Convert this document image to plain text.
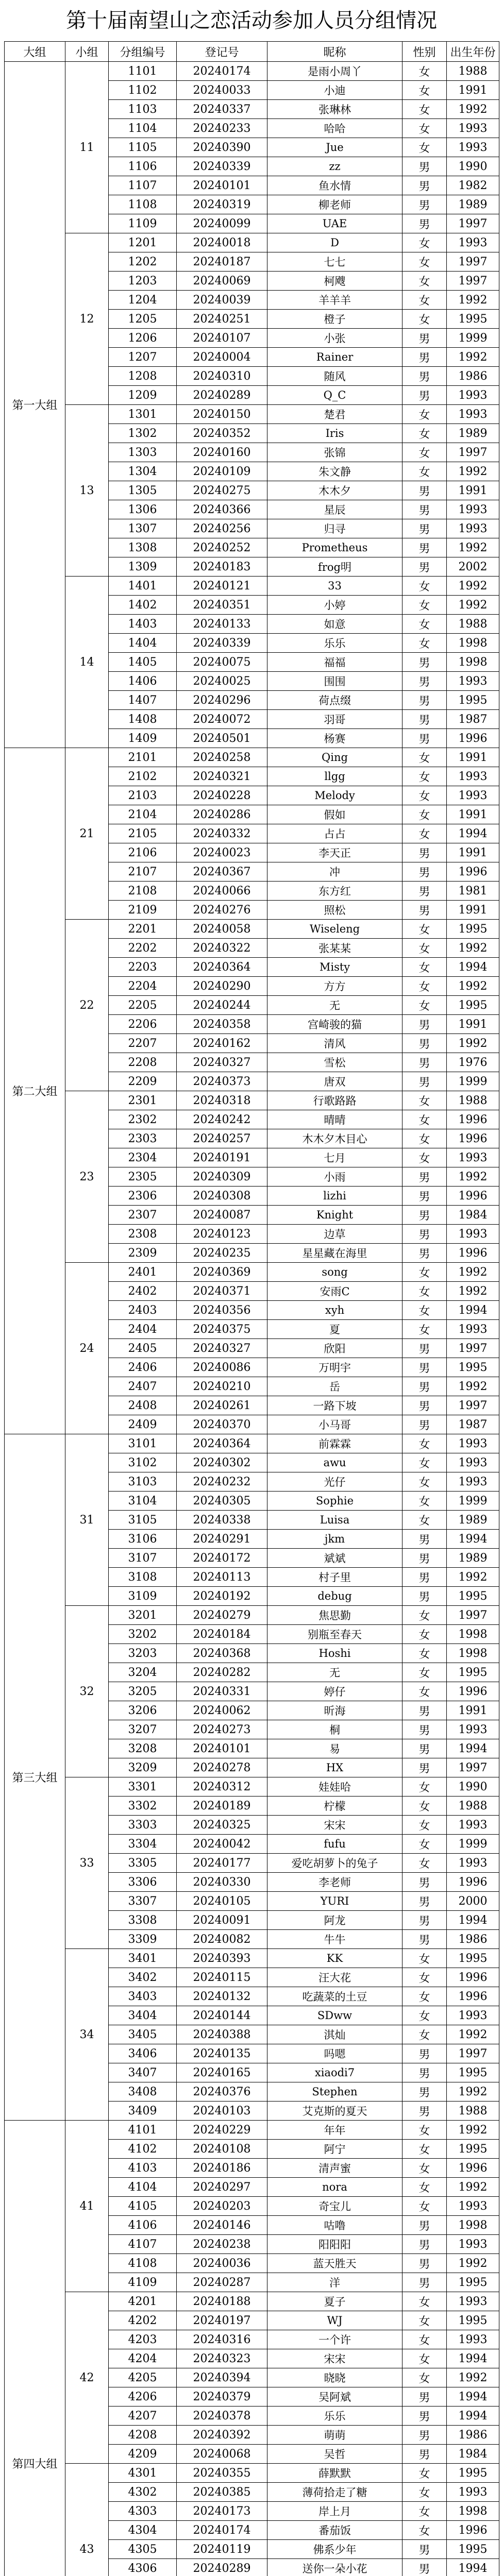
第十届南望山之恋活动参加人员分组情况
大组	小组	分组编号	登记号	昵称	性别	出生年份
第一大组	11	1101	20240174	是雨小周丫	女	1988
		1102	20240033	小迪	女	1991
		1103	20240337	张琳林	女	1992
		1104	20240233	哈哈	女	1993
		1105	20240390	Jue	女	1993
		1106	20240339	zz	男	1990
		1107	20240101	鱼水情	男	1982
		1108	20240319	柳老师	男	1989
		1109	20240099	UAE	男	1997
	12	1201	20240018	D	女	1993
		1202	20240187	七七	女	1997
		1203	20240069	柯飕	女	1997
		1204	20240039	羊羊羊	女	1992
		1205	20240251	橙子	女	1995
		1206	20240107	小张	男	1999
		1207	20240004	Rainer	男	1992
		1208	20240310	随风	男	1986
		1209	20240289	Q_C	男	1993
	13	1301	20240150	楚君	女	1993
		1302	20240352	Iris	女	1989
		1303	20240160	张锦	女	1997
		1304	20240109	朱文静	女	1992
		1305	20240275	木木夕	男	1991
		1306	20240366	星辰	男	1993
		1307	20240256	归寻	男	1993
		1308	20240252	Prometheus	男	1992
		1309	20240183	frog明	男	2002
	14	1401	20240121	33	女	1992
		1402	20240351	小婷	女	1992
		1403	20240133	如意	女	1988
		1404	20240339	乐乐	女	1998
		1405	20240075	福福	男	1998
		1406	20240025	围围	男	1993
		1407	20240296	荷点缀	男	1995
		1408	20240072	羽哥	男	1987
		1409	20240501	杨赛	男	1996
第二大组	21	2101	20240258	Qing	女	1991
		2102	20240321	llgg	女	1993
		2103	20240228	Melody	女	1993
		2104	20240286	假如	女	1991
		2105	20240332	占占	女	1994
		2106	20240023	李天正	男	1991
		2107	20240367	冲	男	1996
		2108	20240066	东方红	男	1981
		2109	20240276	照松	男	1991
	22	2201	20240058	Wiseleng	女	1995
		2202	20240322	张某某	女	1992
		2203	20240364	Misty	女	1994
		2204	20240290	方方	女	1992
		2205	20240244	无	女	1995
		2206	20240358	宫崎骏的猫	男	1991
		2207	20240162	清风	男	1992
		2208	20240327	雪松	男	1976
		2209	20240373	唐双	男	1999
	23	2301	20240318	行歌路路	女	1988
		2302	20240242	晴晴	女	1996
		2303	20240257	木木夕木目心	女	1996
		2304	20240191	七月	女	1993
		2305	20240309	小雨	男	1992
		2306	20240308	lizhi	男	1996
		2307	20240087	Knight	男	1984
		2308	20240123	边草	男	1993
		2309	20240235	星星藏在海里	男	1996
	24	2401	20240369	song	女	1992
		2402	20240371	安雨C	女	1992
		2403	20240356	xyh	女	1994
		2404	20240375	夏	女	1993
		2405	20240327	欣阳	男	1997
		2406	20240086	万明宇	男	1995
		2407	20240210	岳	男	1992
		2408	20240261	一路下坡	男	1997
		2409	20240370	小马哥	男	1987
第三大组	31	3101	20240364	前霖霖	女	1993
		3102	20240302	awu	女	1993
		3103	20240232	光仔	女	1993
		3104	20240305	Sophie	女	1999
		3105	20240338	Luisa	女	1989
		3106	20240291	jkm	男	1994
		3107	20240172	斌斌	男	1989
		3108	20240113	村子里	男	1992
		3109	20240192	debug	男	1995
	32	3201	20240279	焦思勤	女	1997
		3202	20240184	别瓶至春天	女	1998
		3203	20240368	Hoshi	女	1998
		3204	20240282	无	女	1995
		3205	20240331	婷仔	女	1996
		3206	20240062	昕海	男	1991
		3207	20240273	桐	男	1993
		3208	20240101	易	男	1994
		3209	20240278	HX	男	1997
	33	3301	20240312	娃娃哈	女	1990
		3302	20240189	柠檬	女	1988
		3303	20240325	宋宋	女	1993
		3304	20240042	fufu	女	1999
		3305	20240177	爱吃胡萝卜的兔子	女	1993
		3306	20240330	李老师	男	1996
		3307	20240105	YURI	男	2000
		3308	20240091	阿龙	男	1994
		3309	20240082	牛牛	男	1986
	34	3401	20240393	KK	女	1995
		3402	20240115	汪大花	女	1996
		3403	20240132	吃蔬菜的土豆	女	1996
		3404	20240144	SDww	女	1993
		3405	20240388	淇灿	女	1992
		3406	20240135	吗嗯	男	1997
		3407	20240165	xiaodi7	男	1995
		3408	20240376	Stephen	男	1992
		3409	20240103	艾克斯的夏天	男	1988
第四大组	41	4101	20240229	年年	女	1992
		4102	20240108	阿宁	女	1995
		4103	20240186	清声蜜	女	1996
		4104	20240297	nora	女	1992
		4105	20240203	奇宝儿	女	1993
		4106	20240146	咕噜	男	1998
		4107	20240238	阳阳阳	男	1993
		4108	20240036	蓝天胜天	男	1992
		4109	20240287	洋	男	1995
	42	4201	20240188	夏子	女	1993
		4202	20240197	WJ	女	1995
		4203	20240316	一个许	女	1993
		4204	20240323	宋宋	女	1994
		4205	20240394	晓晓	女	1992
		4206	20240379	吴阿斌	男	1994
		4207	20240378	乐乐	男	1994
		4208	20240392	萌萌	男	1986
		4209	20240068	吴哲	男	1984
	43	4301	20240355	薛默默	女	1995
		4302	20240385	薄荷拾走了糖	女	1993
		4303	20240173	岸上月	女	1998
		4304	20240174	番茄饭	女	1996
		4305	20240119	佛系少年	男	1995
		4306	20240289	送你一朵小花	男	1994
